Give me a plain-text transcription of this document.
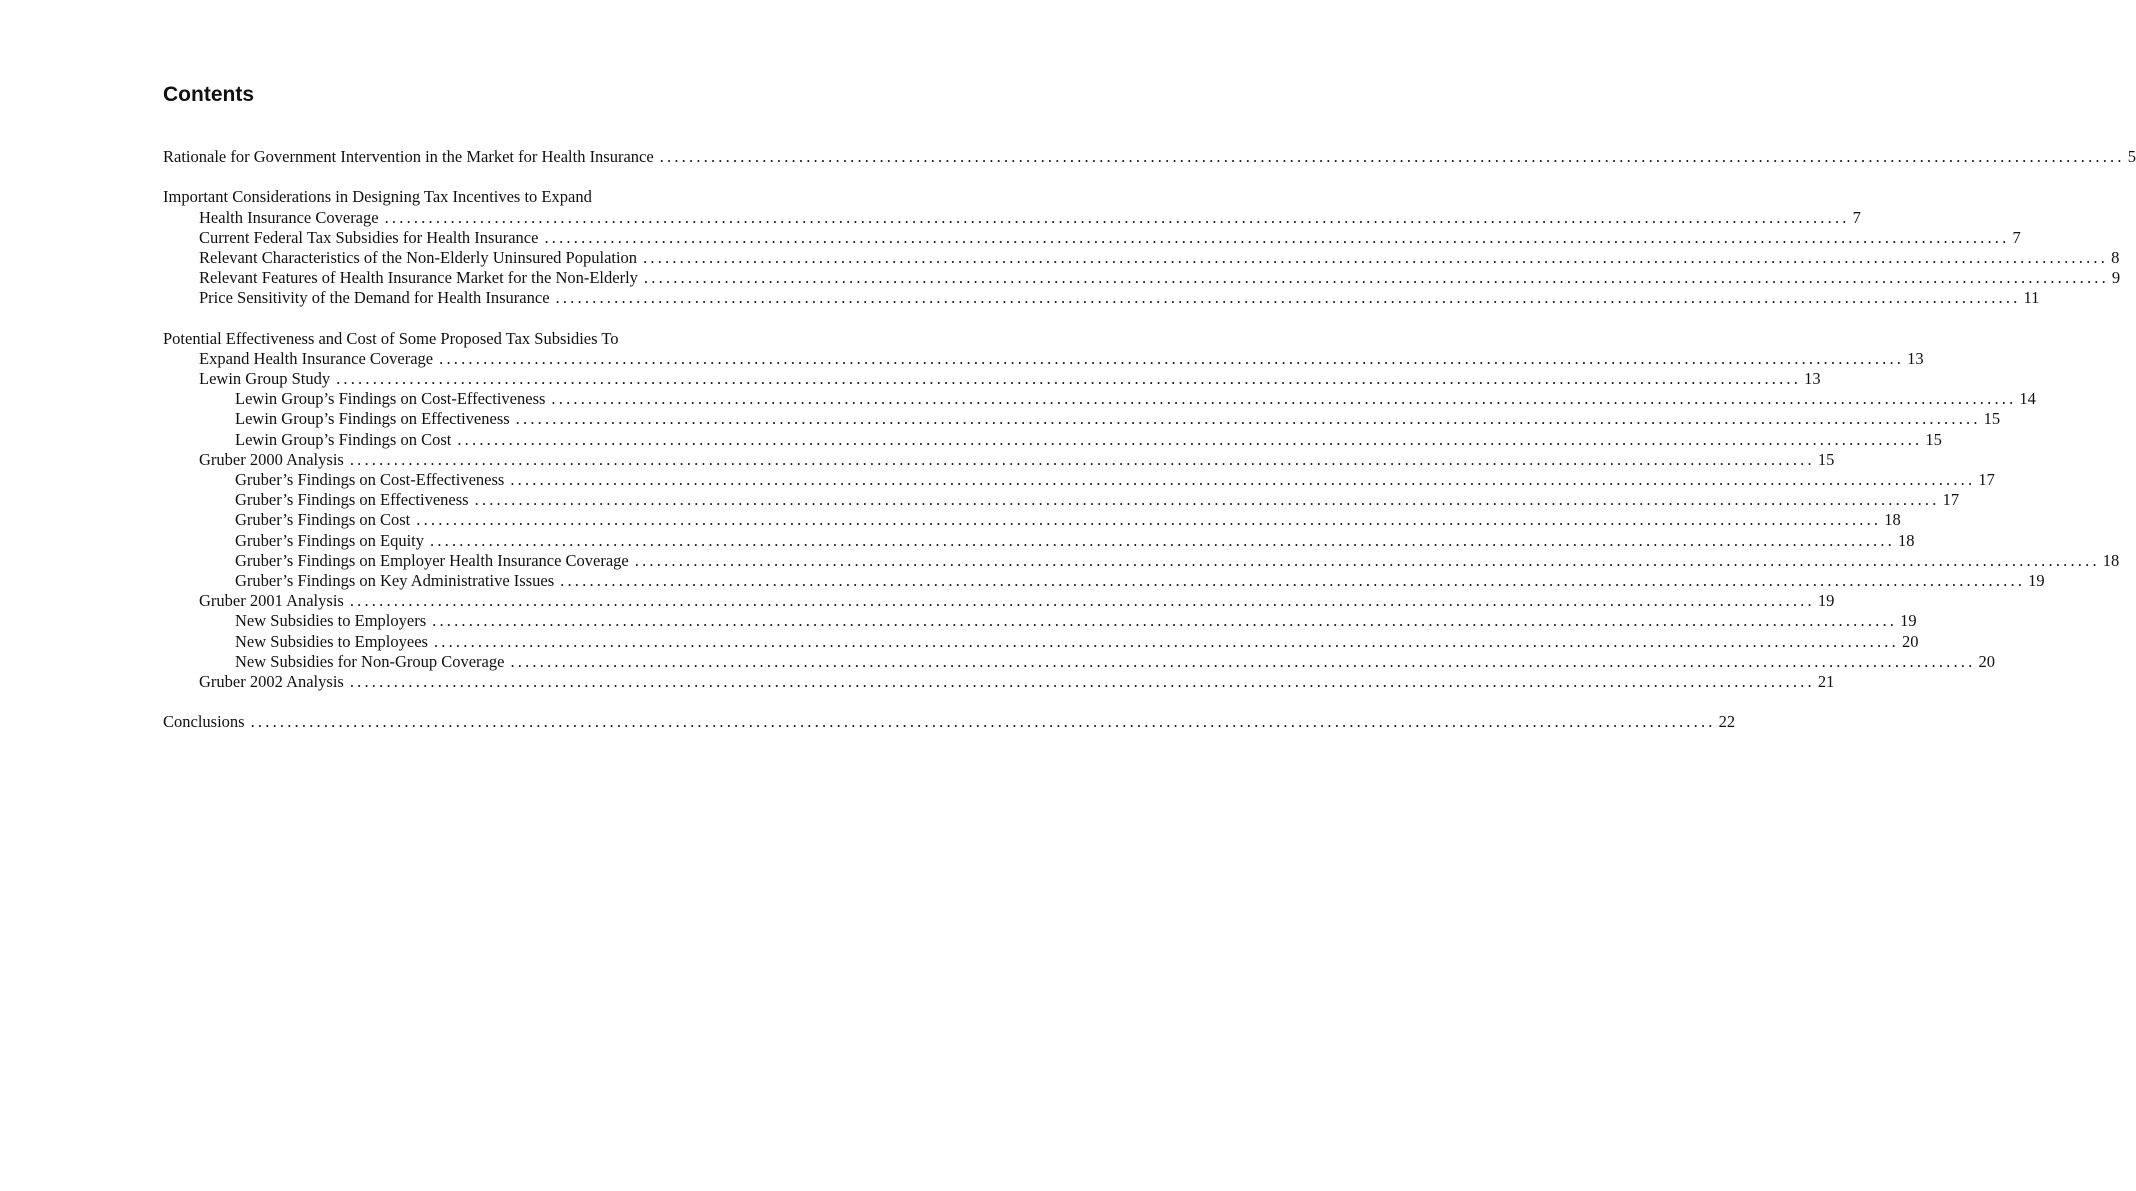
Contents
Rationale for Government Intervention in the Market for Health Insurance ........................................................................................................................................................................................................ 5
Important Considerations in Designing Tax Incentives to Expand
Health Insurance Coverage ........................................................................................................................................................................................................ 7
Current Federal Tax Subsidies for Health Insurance ........................................................................................................................................................................................................ 7
Relevant Characteristics of the Non-Elderly Uninsured Population ........................................................................................................................................................................................................ 8
Relevant Features of Health Insurance Market for the Non-Elderly ........................................................................................................................................................................................................ 9
Price Sensitivity of the Demand for Health Insurance ........................................................................................................................................................................................................ 11
Potential Effectiveness and Cost of Some Proposed Tax Subsidies To
Expand Health Insurance Coverage ........................................................................................................................................................................................................ 13
Lewin Group Study ........................................................................................................................................................................................................ 13
Lewin Group’s Findings on Cost-Effectiveness ........................................................................................................................................................................................................ 14
Lewin Group’s Findings on Effectiveness ........................................................................................................................................................................................................ 15
Lewin Group’s Findings on Cost ........................................................................................................................................................................................................ 15
Gruber 2000 Analysis ........................................................................................................................................................................................................ 15
Gruber’s Findings on Cost-Effectiveness ........................................................................................................................................................................................................ 17
Gruber’s Findings on Effectiveness ........................................................................................................................................................................................................ 17
Gruber’s Findings on Cost ........................................................................................................................................................................................................ 18
Gruber’s Findings on Equity ........................................................................................................................................................................................................ 18
Gruber’s Findings on Employer Health Insurance Coverage ........................................................................................................................................................................................................ 18
Gruber’s Findings on Key Administrative Issues ........................................................................................................................................................................................................ 19
Gruber 2001 Analysis ........................................................................................................................................................................................................ 19
New Subsidies to Employers ........................................................................................................................................................................................................ 19
New Subsidies to Employees ........................................................................................................................................................................................................ 20
New Subsidies for Non-Group Coverage ........................................................................................................................................................................................................ 20
Gruber 2002 Analysis ........................................................................................................................................................................................................ 21
Conclusions ........................................................................................................................................................................................................ 22
